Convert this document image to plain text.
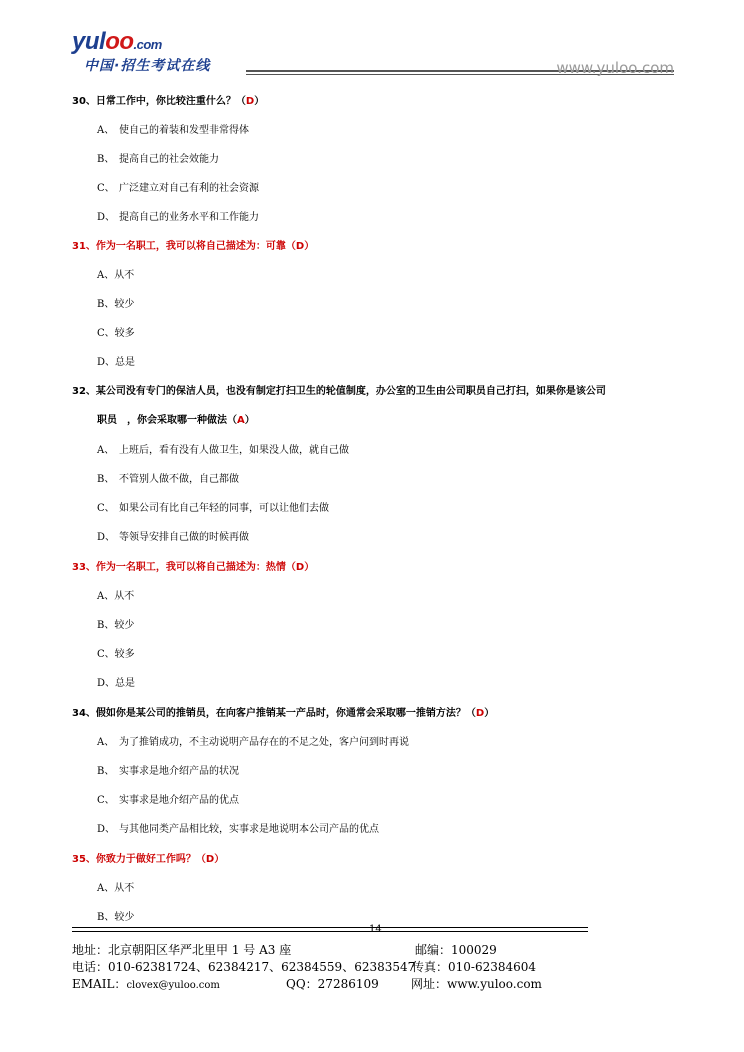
yuloo.com
中国·招生考试在线	www.yuloo.com
30、日常工作中，你比较注重什么？（D）
A、 使自己的着装和发型非常得体
B、 提高自己的社会效能力
C、 广泛建立对自己有利的社会资源
D、 提高自己的业务水平和工作能力
31、作为一名职工，我可以将自己描述为：可靠（D）
A、从不
B、较少
C、较多
D、总是
32、某公司没有专门的保洁人员，也没有制定打扫卫生的轮值制度，办公室的卫生由公司职员自己打扫，如果你是该公司
职员　，你会采取哪一种做法（A）
A、 上班后，看有没有人做卫生，如果没人做，就自己做
B、 不管别人做不做，自己都做
C、 如果公司有比自己年轻的同事，可以让他们去做
D、 等领导安排自己做的时候再做
33、作为一名职工，我可以将自己描述为：热情（D）
A、从不
B、较少
C、较多
D、总是
34、假如你是某公司的推销员，在向客户推销某一产品时，你通常会采取哪一推销方法？（D）
A、 为了推销成功，不主动说明产品存在的不足之处，客户问到时再说
B、 实事求是地介绍产品的状况
C、 实事求是地介绍产品的优点
D、 与其他同类产品相比较，实事求是地说明本公司产品的优点
35、你致力于做好工作吗？（D）
A、从不
B、较少
14
地址：北京朝阳区华严北里甲 1 号 A3 座	邮编：100029
电话：010-62381724、62384217、62384559、62383547
传真：010-62384604
EMAIL：clovex@yuloo.com	QQ：27286109	网址：www.yuloo.com
